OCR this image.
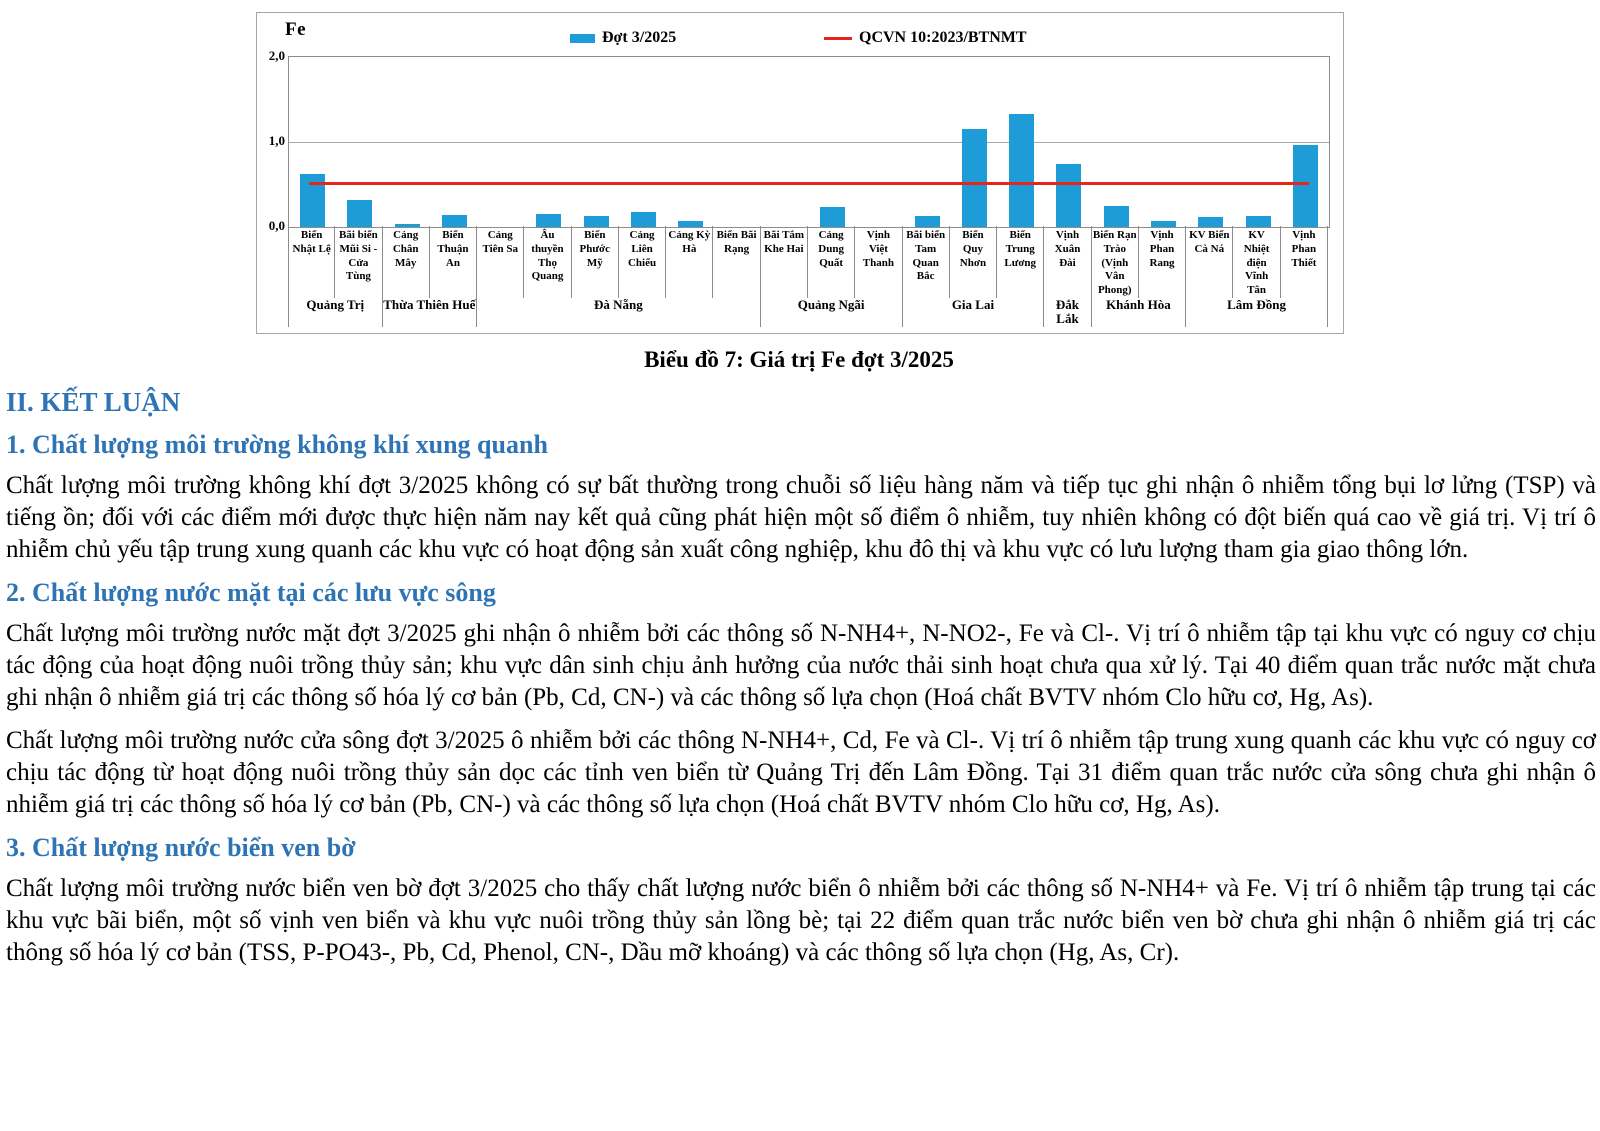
Fe	Đợt 3/2025	QCVN 10:2023/BTNMT
2,0
1,0
0,0
Biển Nhật Lệ
Bãi biển Mũi Si - Cửa Tùng
Cảng Chân Mây
Biển Thuận An
Cảng Tiên Sa
Âu thuyền Thọ Quang
Biển Phước Mỹ
Cảng Liên Chiểu
Cảng Kỳ Hà
Biển Bãi Rạng
Bãi Tắm Khe Hai
Cảng Dung Quất
Vịnh Việt Thanh
Bãi biển Tam Quan Bắc
Biển Quy Nhơn
Biển Trung Lương
Vịnh Xuân Đài
Biển Rạn Trào (Vịnh Vân Phong)
Vịnh Phan Rang
KV Biển Cà Ná
KV Nhiệt điện Vĩnh Tân
Vịnh Phan Thiết
Quảng Trị	Thừa Thiên Huế	Đà Nẵng	Quảng Ngãi	Gia Lai	Đắk Lắk
Khánh Hòa	Lâm Đồng
Biểu đồ 7: Giá trị Fe đợt 3/2025
II. KẾT LUẬN
1. Chất lượng môi trường không khí xung quanh

Chất lượng môi trường không khí đợt 3/2025 không có sự bất thường trong chuỗi số liệu hàng năm và tiếp tục ghi nhận ô nhiễm tổng bụi lơ lửng (TSP) và tiếng ồn; đối với các điểm mới được thực hiện năm nay kết quả cũng phát hiện một số điểm ô nhiễm, tuy nhiên không có đột biến quá cao về giá trị. Vị trí ô nhiễm chủ yếu tập trung xung quanh các khu vực có hoạt động sản xuất công nghiệp, khu đô thị và khu vực có lưu lượng tham gia giao thông lớn.

2. Chất lượng nước mặt tại các lưu vực sông

Chất lượng môi trường nước mặt đợt 3/2025 ghi nhận ô nhiễm bởi các thông số N-NH4+, N-NO2-, Fe và Cl-. Vị trí ô nhiễm tập tại khu vực có nguy cơ chịu tác động của hoạt động nuôi trồng thủy sản; khu vực dân sinh chịu ảnh hưởng của nước thải sinh hoạt chưa qua xử lý. Tại 40 điểm quan trắc nước mặt chưa ghi nhận ô nhiễm giá trị các thông số hóa lý cơ bản (Pb, Cd, CN-) và các thông số lựa chọn (Hoá chất BVTV nhóm Clo hữu cơ, Hg, As).

Chất lượng môi trường nước cửa sông đợt 3/2025 ô nhiễm bởi các thông N-NH4+, Cd, Fe và Cl-. Vị trí ô nhiễm tập trung xung quanh các khu vực có nguy cơ chịu tác động từ hoạt động nuôi trồng thủy sản dọc các tỉnh ven biển từ Quảng Trị đến Lâm Đồng. Tại 31 điểm quan trắc nước cửa sông chưa ghi nhận ô nhiễm giá trị các thông số hóa lý cơ bản (Pb, CN-) và các thông số lựa chọn (Hoá chất BVTV nhóm Clo hữu cơ, Hg, As).

3. Chất lượng nước biển ven bờ

Chất lượng môi trường nước biển ven bờ đợt 3/2025 cho thấy chất lượng nước biển ô nhiễm bởi các thông số N-NH4+ và Fe. Vị trí ô nhiễm tập trung tại các khu vực bãi biển, một số vịnh ven biển và khu vực nuôi trồng thủy sản lồng bè; tại 22 điểm quan trắc nước biển ven bờ chưa ghi nhận ô nhiễm giá trị các thông số hóa lý cơ bản (TSS, P-PO43-, Pb, Cd, Phenol, CN-, Dầu mỡ khoáng) và các thông số lựa chọn (Hg, As, Cr).
